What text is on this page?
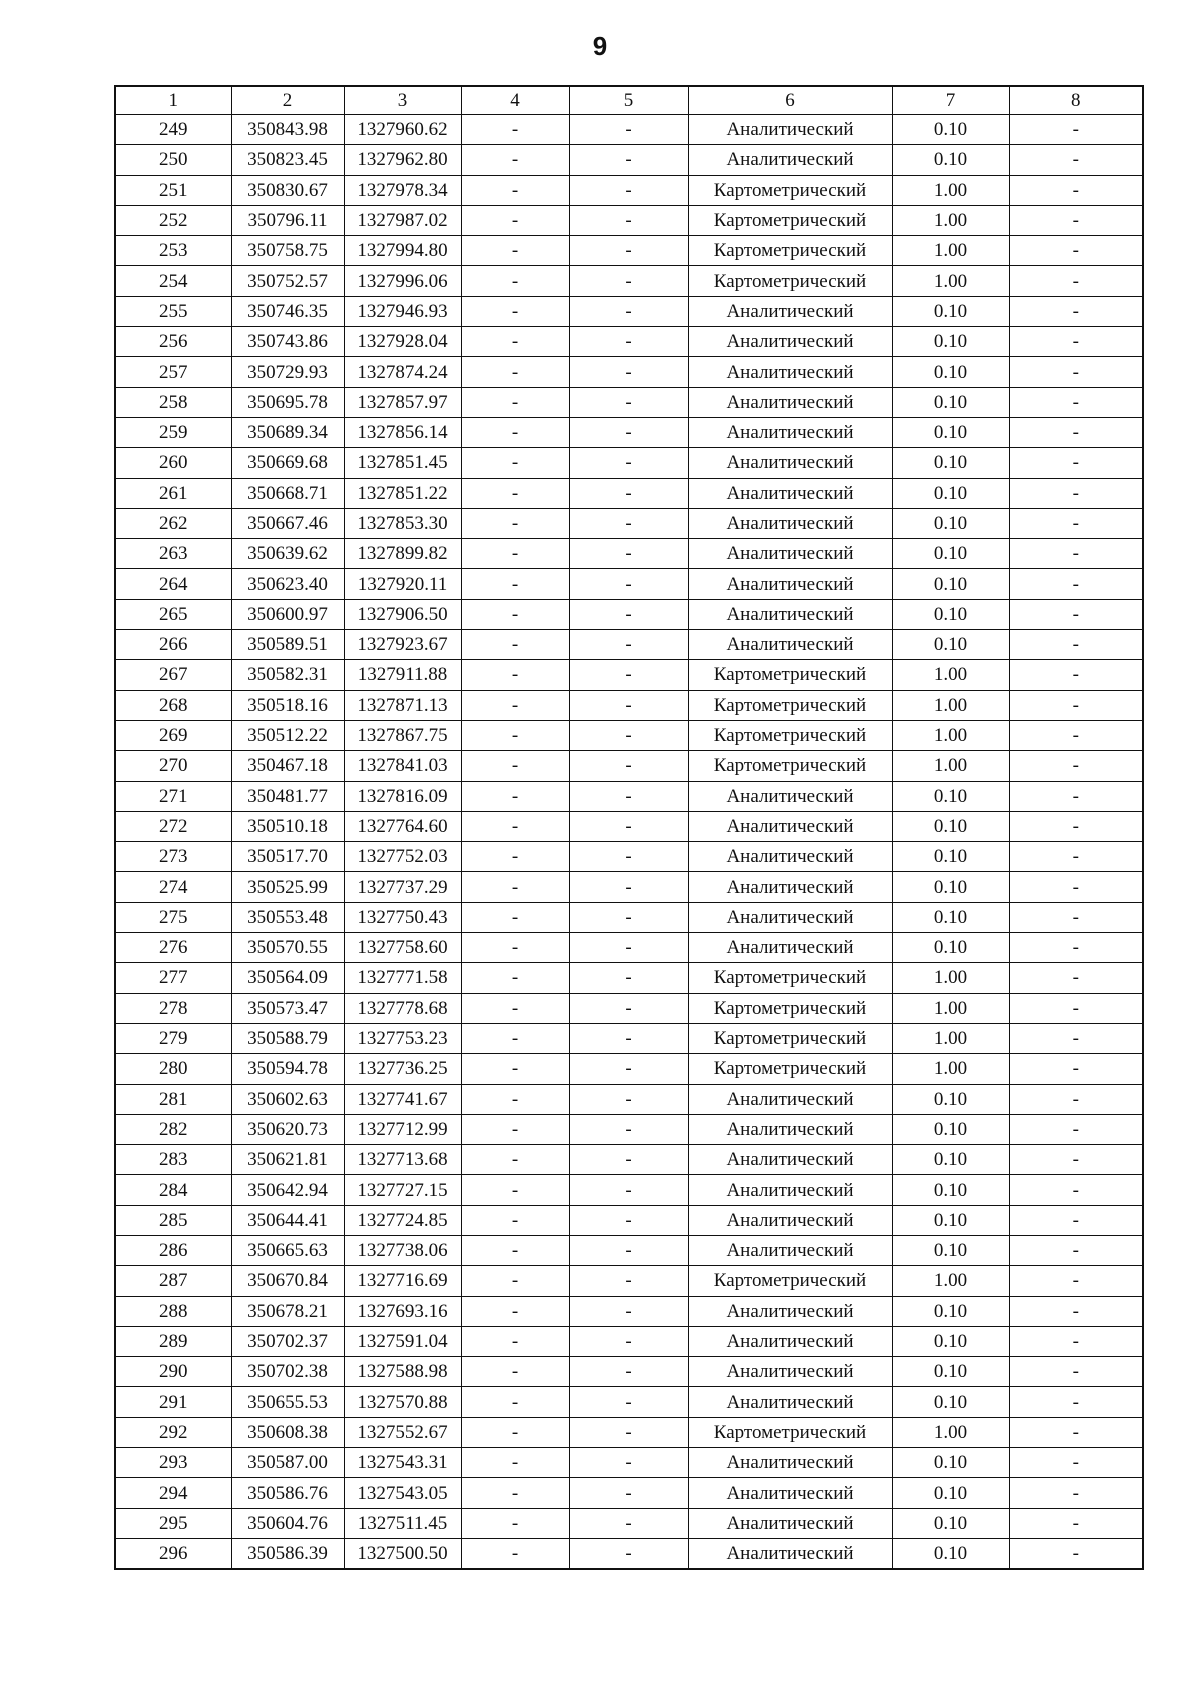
9
1	2	3	4	5	6	7	8
249	350843.98	1327960.62	-	-	Аналитический	0.10	-
250	350823.45	1327962.80	-	-	Аналитический	0.10	-
251	350830.67	1327978.34	-	-	Картометрический	1.00	-
252	350796.11	1327987.02	-	-	Картометрический	1.00	-
253	350758.75	1327994.80	-	-	Картометрический	1.00	-
254	350752.57	1327996.06	-	-	Картометрический	1.00	-
255	350746.35	1327946.93	-	-	Аналитический	0.10	-
256	350743.86	1327928.04	-	-	Аналитический	0.10	-
257	350729.93	1327874.24	-	-	Аналитический	0.10	-
258	350695.78	1327857.97	-	-	Аналитический	0.10	-
259	350689.34	1327856.14	-	-	Аналитический	0.10	-
260	350669.68	1327851.45	-	-	Аналитический	0.10	-
261	350668.71	1327851.22	-	-	Аналитический	0.10	-
262	350667.46	1327853.30	-	-	Аналитический	0.10	-
263	350639.62	1327899.82	-	-	Аналитический	0.10	-
264	350623.40	1327920.11	-	-	Аналитический	0.10	-
265	350600.97	1327906.50	-	-	Аналитический	0.10	-
266	350589.51	1327923.67	-	-	Аналитический	0.10	-
267	350582.31	1327911.88	-	-	Картометрический	1.00	-
268	350518.16	1327871.13	-	-	Картометрический	1.00	-
269	350512.22	1327867.75	-	-	Картометрический	1.00	-
270	350467.18	1327841.03	-	-	Картометрический	1.00	-
271	350481.77	1327816.09	-	-	Аналитический	0.10	-
272	350510.18	1327764.60	-	-	Аналитический	0.10	-
273	350517.70	1327752.03	-	-	Аналитический	0.10	-
274	350525.99	1327737.29	-	-	Аналитический	0.10	-
275	350553.48	1327750.43	-	-	Аналитический	0.10	-
276	350570.55	1327758.60	-	-	Аналитический	0.10	-
277	350564.09	1327771.58	-	-	Картометрический	1.00	-
278	350573.47	1327778.68	-	-	Картометрический	1.00	-
279	350588.79	1327753.23	-	-	Картометрический	1.00	-
280	350594.78	1327736.25	-	-	Картометрический	1.00	-
281	350602.63	1327741.67	-	-	Аналитический	0.10	-
282	350620.73	1327712.99	-	-	Аналитический	0.10	-
283	350621.81	1327713.68	-	-	Аналитический	0.10	-
284	350642.94	1327727.15	-	-	Аналитический	0.10	-
285	350644.41	1327724.85	-	-	Аналитический	0.10	-
286	350665.63	1327738.06	-	-	Аналитический	0.10	-
287	350670.84	1327716.69	-	-	Картометрический	1.00	-
288	350678.21	1327693.16	-	-	Аналитический	0.10	-
289	350702.37	1327591.04	-	-	Аналитический	0.10	-
290	350702.38	1327588.98	-	-	Аналитический	0.10	-
291	350655.53	1327570.88	-	-	Аналитический	0.10	-
292	350608.38	1327552.67	-	-	Картометрический	1.00	-
293	350587.00	1327543.31	-	-	Аналитический	0.10	-
294	350586.76	1327543.05	-	-	Аналитический	0.10	-
295	350604.76	1327511.45	-	-	Аналитический	0.10	-
296	350586.39	1327500.50	-	-	Аналитический	0.10	-
